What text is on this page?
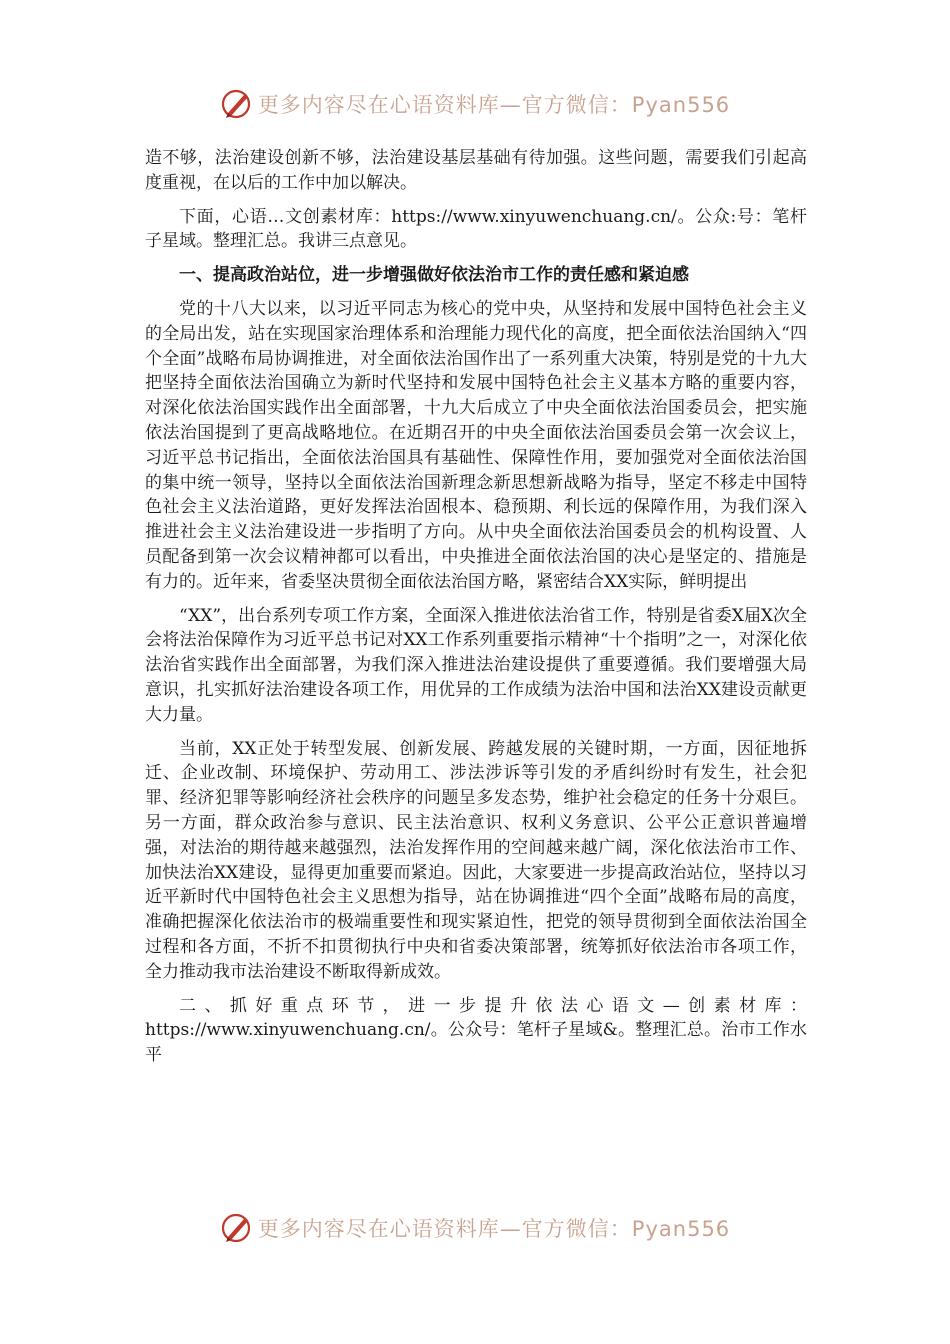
更多内容尽在心语资料库—官方微信：Pyan556

造不够，法治建设创新不够，法治建设基层基础有待加强。这些问题，需要我们引起高度重视，在以后的工作中加以解决。

下面，心语…文创素材库：https://www.xinyuwenchuang.cn/。公众:号：笔杆子星域。整理汇总。我讲三点意见。

一、提高政治站位，进一步增强做好依法治市工作的责任感和紧迫感

党的十八大以来，以习近平同志为核心的党中央，从坚持和发展中国特色社会主义的全局出发，站在实现国家治理体系和治理能力现代化的高度，把全面依法治国纳入“四个全面”战略布局协调推进，对全面依法治国作出了一系列重大决策，特别是党的十九大把坚持全面依法治国确立为新时代坚持和发展中国特色社会主义基本方略的重要内容，对深化依法治国实践作出全面部署，十九大后成立了中央全面依法治国委员会，把实施依法治国提到了更高战略地位。在近期召开的中央全面依法治国委员会第一次会议上，习近平总书记指出，全面依法治国具有基础性、保障性作用，要加强党对全面依法治国的集中统一领导，坚持以全面依法治国新理念新思想新战略为指导，坚定不移走中国特色社会主义法治道路，更好发挥法治固根本、稳预期、利长远的保障作用，为我们深入推进社会主义法治建设进一步指明了方向。从中央全面依法治国委员会的机构设置、人员配备到第一次会议精神都可以看出，中央推进全面依法治国的决心是坚定的、措施是有力的。近年来，省委坚决贯彻全面依法治国方略，紧密结合XX实际，鲜明提出

“XX”，出台系列专项工作方案，全面深入推进依法治省工作，特别是省委X届X次全会将法治保障作为习近平总书记对XX工作系列重要指示精神“十个指明”之一，对深化依法治省实践作出全面部署，为我们深入推进法治建设提供了重要遵循。我们要增强大局意识，扎实抓好法治建设各项工作，用优异的工作成绩为法治中国和法治XX建设贡献更大力量。

当前，XX正处于转型发展、创新发展、跨越发展的关键时期，一方面，因征地拆迁、企业改制、环境保护、劳动用工、涉法涉诉等引发的矛盾纠纷时有发生，社会犯罪、经济犯罪等影响经济社会秩序的问题呈多发态势，维护社会稳定的任务十分艰巨。另一方面，群众政治参与意识、民主法治意识、权利义务意识、公平公正意识普遍增强，对法治的期待越来越强烈，法治发挥作用的空间越来越广阔，深化依法治市工作、加快法治XX建设，显得更加重要而紧迫。因此，大家要进一步提高政治站位，坚持以习近平新时代中国特色社会主义思想为指导，站在协调推进“四个全面”战略布局的高度，准确把握深化依法治市的极端重要性和现实紧迫性，把党的领导贯彻到全面依法治国全过程和各方面，不折不扣贯彻执行中央和省委决策部署，统筹抓好依法治市各项工作，全力推动我市法治建设不断取得新成效。

二、抓好重点环节，进一步提升依法心语文—创素材库：https://www.xinyuwenchuang.cn/。公众号：笔杆子星域&。整理汇总。治市工作水平

更多内容尽在心语资料库—官方微信：Pyan556
